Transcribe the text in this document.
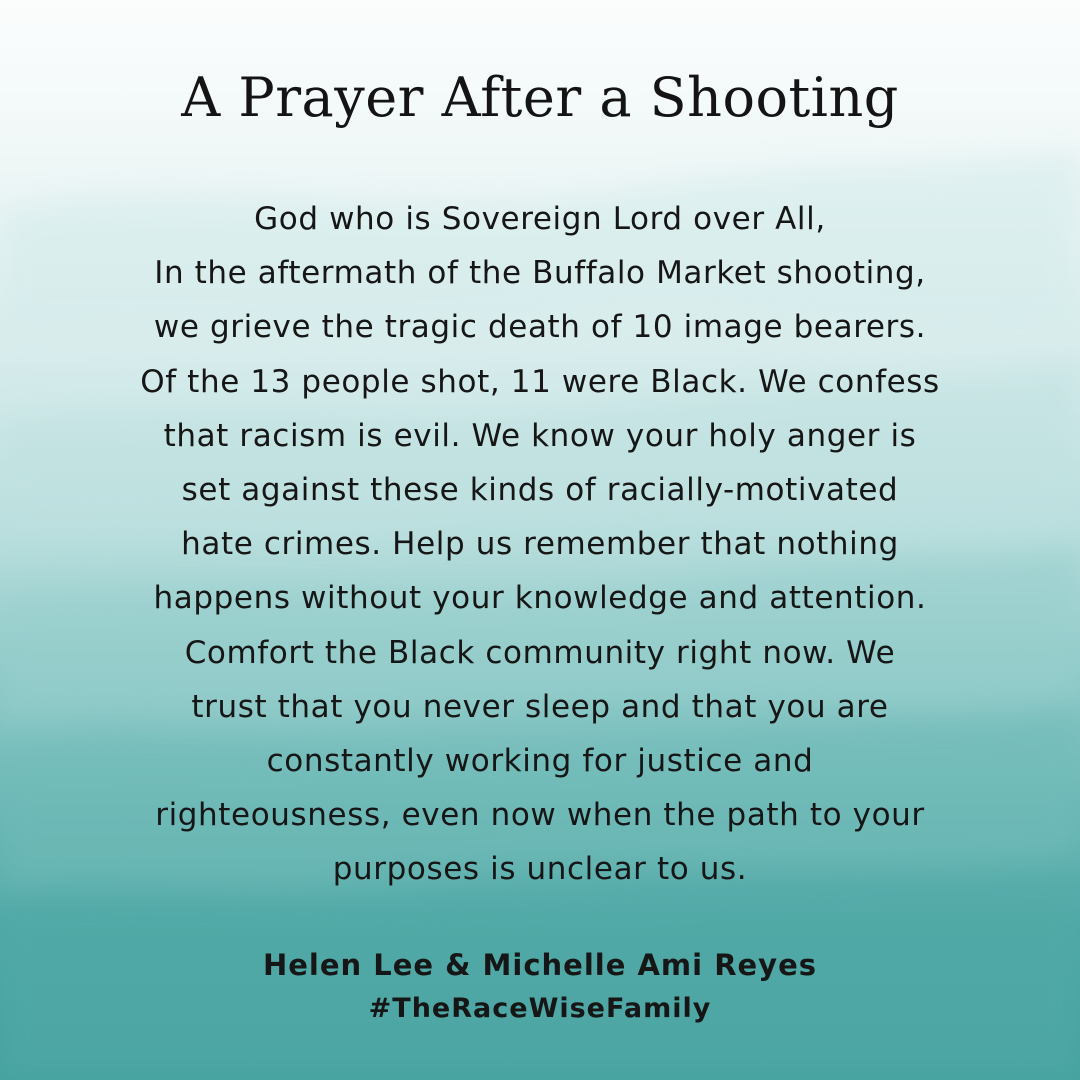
A Prayer After a Shooting
God who is Sovereign Lord over All,
In the aftermath of the Buffalo Market shooting,
we grieve the tragic death of 10 image bearers.
Of the 13 people shot, 11 were Black. We confess
that racism is evil. We know your holy anger is
set against these kinds of racially-motivated
hate crimes. Help us remember that nothing
happens without your knowledge and attention.
Comfort the Black community right now. We
trust that you never sleep and that you are
constantly working for justice and
righteousness, even now when the path to your
purposes is unclear to us.
Helen Lee & Michelle Ami Reyes
#TheRaceWiseFamily
